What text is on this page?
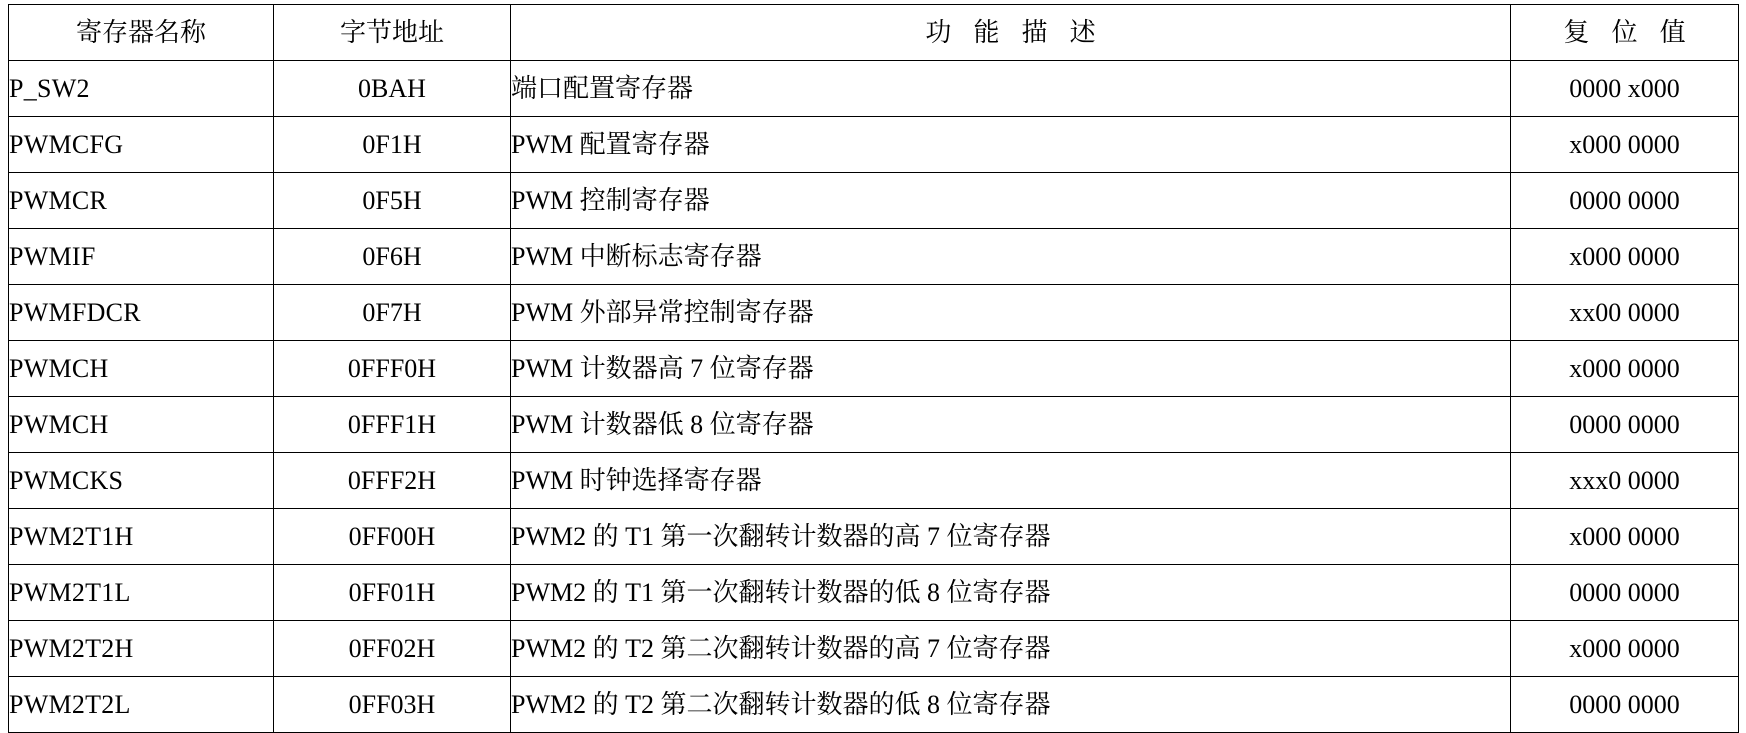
寄存器名称	字节地址	功 能 描 述	复 位 值
P_SW2	0BAH	端口配置寄存器	0000 x000
PWMCFG	0F1H	PWM 配置寄存器	x000 0000
PWMCR	0F5H	PWM 控制寄存器	0000 0000
PWMIF	0F6H	PWM 中断标志寄存器	x000 0000
PWMFDCR	0F7H	PWM 外部异常控制寄存器	xx00 0000
PWMCH	0FFF0H	PWM 计数器高 7 位寄存器	x000 0000
PWMCH	0FFF1H	PWM 计数器低 8 位寄存器	0000 0000
PWMCKS	0FFF2H	PWM 时钟选择寄存器	xxx0 0000
PWM2T1H	0FF00H	PWM2 的 T1 第一次翻转计数器的高 7 位寄存器	x000 0000
PWM2T1L	0FF01H	PWM2 的 T1 第一次翻转计数器的低 8 位寄存器	0000 0000
PWM2T2H	0FF02H	PWM2 的 T2 第二次翻转计数器的高 7 位寄存器	x000 0000
PWM2T2L	0FF03H	PWM2 的 T2 第二次翻转计数器的低 8 位寄存器	0000 0000
